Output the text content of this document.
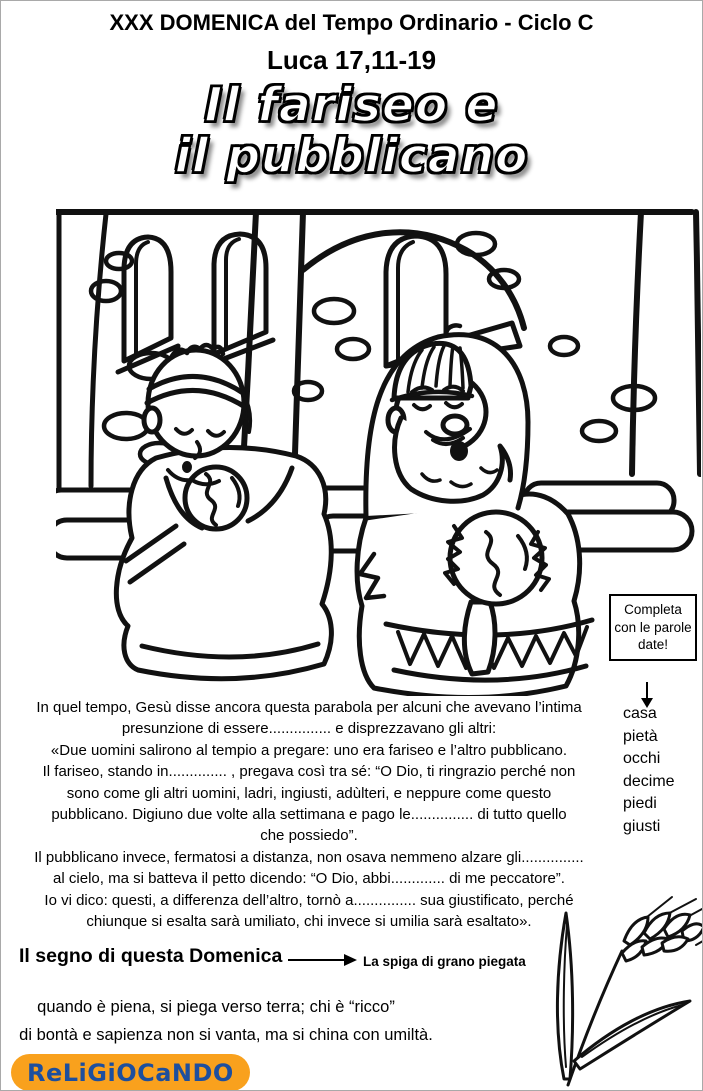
XXX DOMENICA del Tempo Ordinario - Ciclo C
Luca 17,11-19
Il fariseo e
il pubblicano
In quel tempo, Gesù disse ancora questa parabola per alcuni che avevano l’intima
presunzione di essere............... e disprezzavano gli altri:
«Due uomini salirono al tempio a pregare: uno era fariseo e l’altro pubblicano.
Il fariseo, stando in.............. , pregava così tra sé: “O Dio, ti ringrazio perché non
sono come gli altri uomini, ladri, ingiusti, adùlteri, e neppure come questo
pubblicano. Digiuno due volte alla settimana e pago le............... di tutto quello
che possiedo”.
Il pubblicano invece, fermatosi a distanza, non osava nemmeno alzare gli...............
al cielo, ma si batteva il petto dicendo: “O Dio, abbi............. di me peccatore”.
Io vi dico: questi, a differenza dell’altro, tornò a............... sua giustificato, perché
chiunque si esalta sarà umiliato, chi invece si umilia sarà esaltato».
Completa con le parole date!
casa
pietà
occhi
decime
piedi
giusti
Il segno di questa Domenica	La spiga di grano piegata
quando è piena, si piega verso terra; chi è “ricco”
di bontà e sapienza non si vanta, ma si china con umiltà.
ReLiGiOCaNDO
